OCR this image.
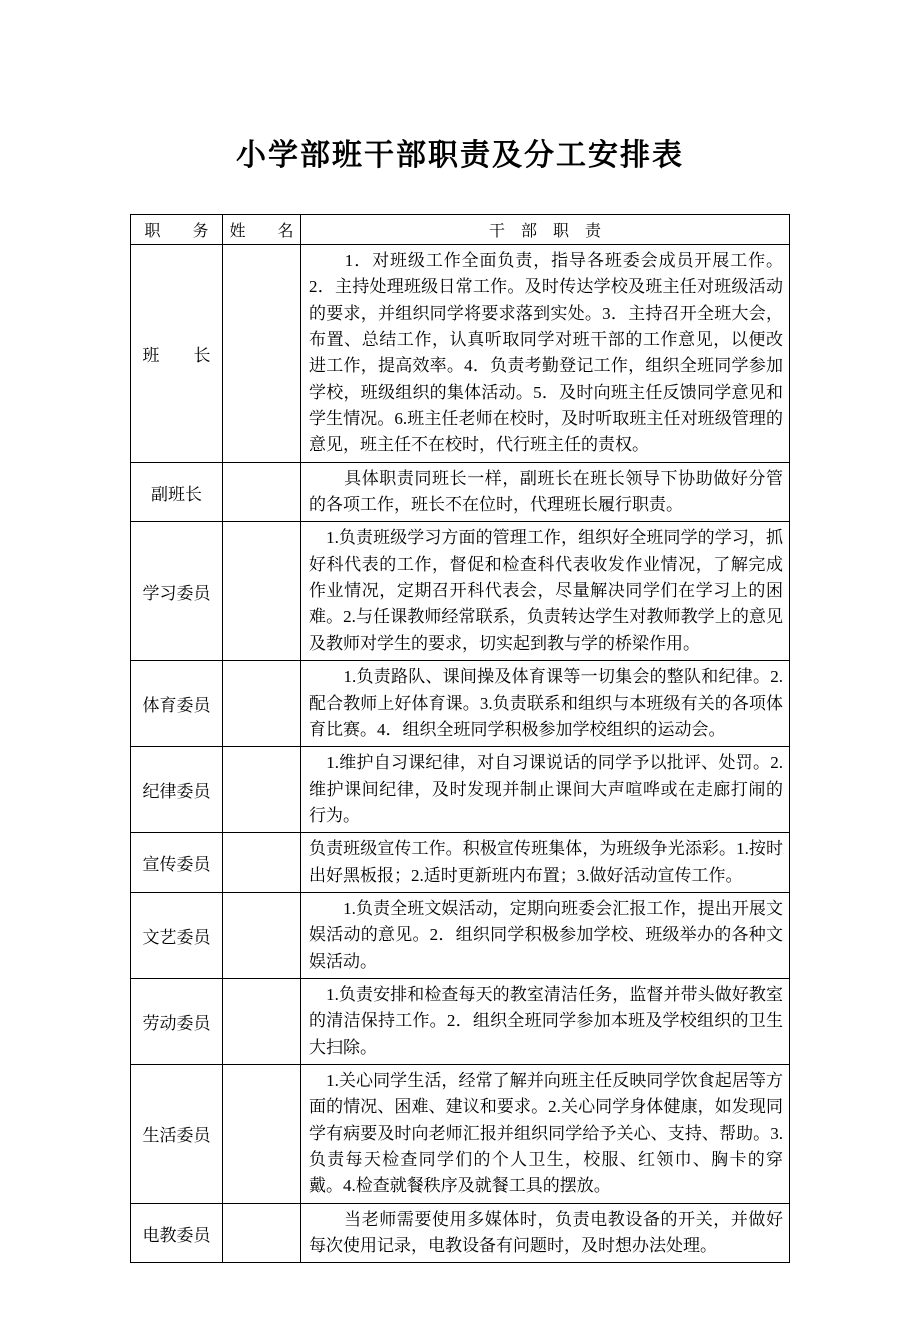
小学部班干部职责及分工安排表
职　　务	姓　　名	干　部　职　责
班　　长		　　1．对班级工作全面负责，指导各班委会成员开展工作。2．主持处理班级日常工作。及时传达学校及班主任对班级活动的要求，并组织同学将要求落到实处。3．主持召开全班大会，布置、总结工作，认真听取同学对班干部的工作意见，以便改进工作，提高效率。4．负责考勤登记工作，组织全班同学参加学校，班级组织的集体活动。5．及时向班主任反馈同学意见和学生情况。6.班主任老师在校时，及时听取班主任对班级管理的意见，班主任不在校时，代行班主任的责权。
副班长		　　具体职责同班长一样，副班长在班长领导下协助做好分管的各项工作，班长不在位时，代理班长履行职责。
学习委员		　1.负责班级学习方面的管理工作，组织好全班同学的学习，抓好科代表的工作，督促和检查科代表收发作业情况，了解完成作业情况，定期召开科代表会，尽量解决同学们在学习上的困难。2.与任课教师经常联系，负责转达学生对教师教学上的意见及教师对学生的要求，切实起到教与学的桥梁作用。
体育委员		　　1.负责路队、课间操及体育课等一切集会的整队和纪律。2.配合教师上好体育课。3.负责联系和组织与本班级有关的各项体育比赛。4．组织全班同学积极参加学校组织的运动会。
纪律委员		　1.维护自习课纪律，对自习课说话的同学予以批评、处罚。2.维护课间纪律，及时发现并制止课间大声喧哗或在走廊打闹的行为。
宣传委员		负责班级宣传工作。积极宣传班集体，为班级争光添彩。1.按时出好黑板报；2.适时更新班内布置；3.做好活动宣传工作。
文艺委员		　　1.负责全班文娱活动，定期向班委会汇报工作，提出开展文娱活动的意见。2．组织同学积极参加学校、班级举办的各种文娱活动。
劳动委员		　1.负责安排和检查每天的教室清洁任务，监督并带头做好教室的清洁保持工作。2．组织全班同学参加本班及学校组织的卫生大扫除。
生活委员		　1.关心同学生活，经常了解并向班主任反映同学饮食起居等方面的情况、困难、建议和要求。2.关心同学身体健康，如发现同学有病要及时向老师汇报并组织同学给予关心、支持、帮助。3.负责每天检查同学们的个人卫生，校服、红领巾、胸卡的穿戴。4.检查就餐秩序及就餐工具的摆放。
电教委员		　　当老师需要使用多媒体时，负责电教设备的开关，并做好每次使用记录，电教设备有问题时，及时想办法处理。
